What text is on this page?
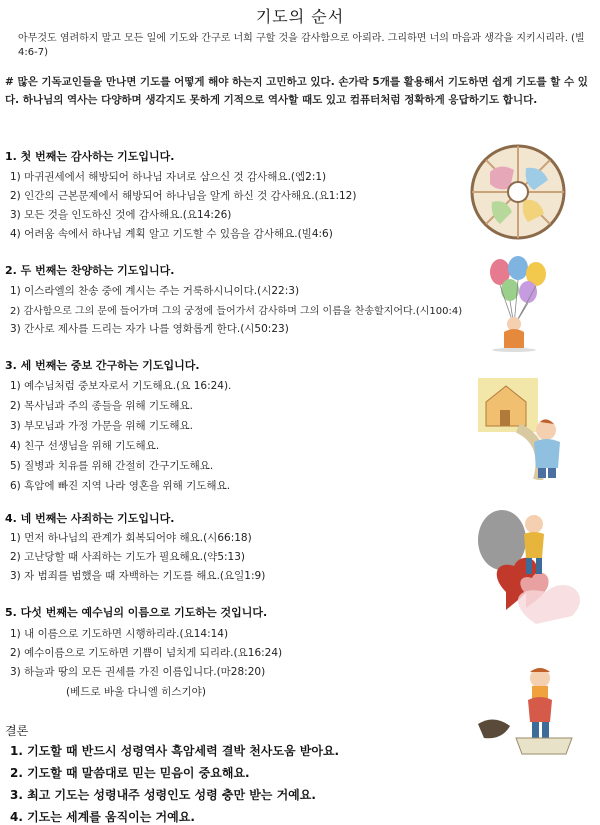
기도의 순서
아무것도 염려하지 말고 모든 일에 기도와 간구로 너희 구할 것을 감사함으로 아뢰라. 그리하면 너의 마음과 생각을 지키시리라. (빌4:6-7)
# 많은 기독교인들을 만나면 기도를 어떻게 해야 하는지 고민하고 있다. 손가락 5개를 활용해서 기도하면 쉽게 기도를 할 수 있다. 하나님의 역사는 다양하며 생각지도 못하게 기적으로 역사할 때도 있고 컴퓨터처럼 정확하게 응답하기도 합니다.
1. 첫 번째는 감사하는 기도입니다.
1) 마귀권세에서 해방되어 하나님 자녀로 삼으신 것 감사해요.(엡2:1)
2) 인간의 근본문제에서 해방되어 하나님을 알게 하신 것 감사해요.(요1:12)
3) 모든 것을 인도하신 것에 감사해요.(요14:26)
4) 어려움 속에서 하나님 계획 알고 기도할 수 있음을 감사해요.(빌4:6)
2. 두 번째는 찬양하는 기도입니다.
1) 이스라엘의 찬송 중에 계시는 주는 거룩하시니이다.(시22:3)
2) 감사함으로 그의 문에 들어가며 그의 궁정에 들어가서 감사하며 그의 이름을 찬송할지어다.(시100:4)
3) 간사로 제사를 드리는 자가 나를 영화롭게 한다.(시50:23)
3. 세 번째는 중보 간구하는 기도입니다.
1) 예수님처럼 중보자로서 기도해요.(요 16:24).
2) 목사님과 주의 종들을 위해 기도해요.
3) 부모님과 가정 가문을 위해 기도해요.
4) 친구 선생님을 위해 기도해요.
5) 질병과 치유를 위해 간절히 간구기도해요.
6) 흑암에 빠진 지역 나라 영혼을 위해 기도해요.
4. 네 번째는 사죄하는 기도입니다.
1) 먼저 하나님의 관계가 회복되어야 해요.(시66:18)
2) 고난당할 때 사죄하는 기도가 필요해요.(약5:13)
3) 자 범죄를 범했을 때 자백하는 기도를 해요.(요일1:9)
5. 다섯 번째는 예수님의 이름으로 기도하는 것입니다.
1) 내 이름으로 기도하면 시행하리라.(요14:14)
2) 예수이름으로 기도하면 기쁨이 넘치게 되리라.(요16:24)
3) 하늘과 땅의 모든 권세를 가진 이름입니다.(마28:20)
(베드로 바울 다니엘 히스기야)
결론
1. 기도할 때 반드시 성령역사 흑암세력 결박 천사도움 받아요.
2. 기도할 때 말씀대로 믿는 믿음이 중요해요.
3. 최고 기도는 성령내주 성령인도 성령 충만 받는 거예요.
4. 기도는 세계를 움직이는 거예요.
